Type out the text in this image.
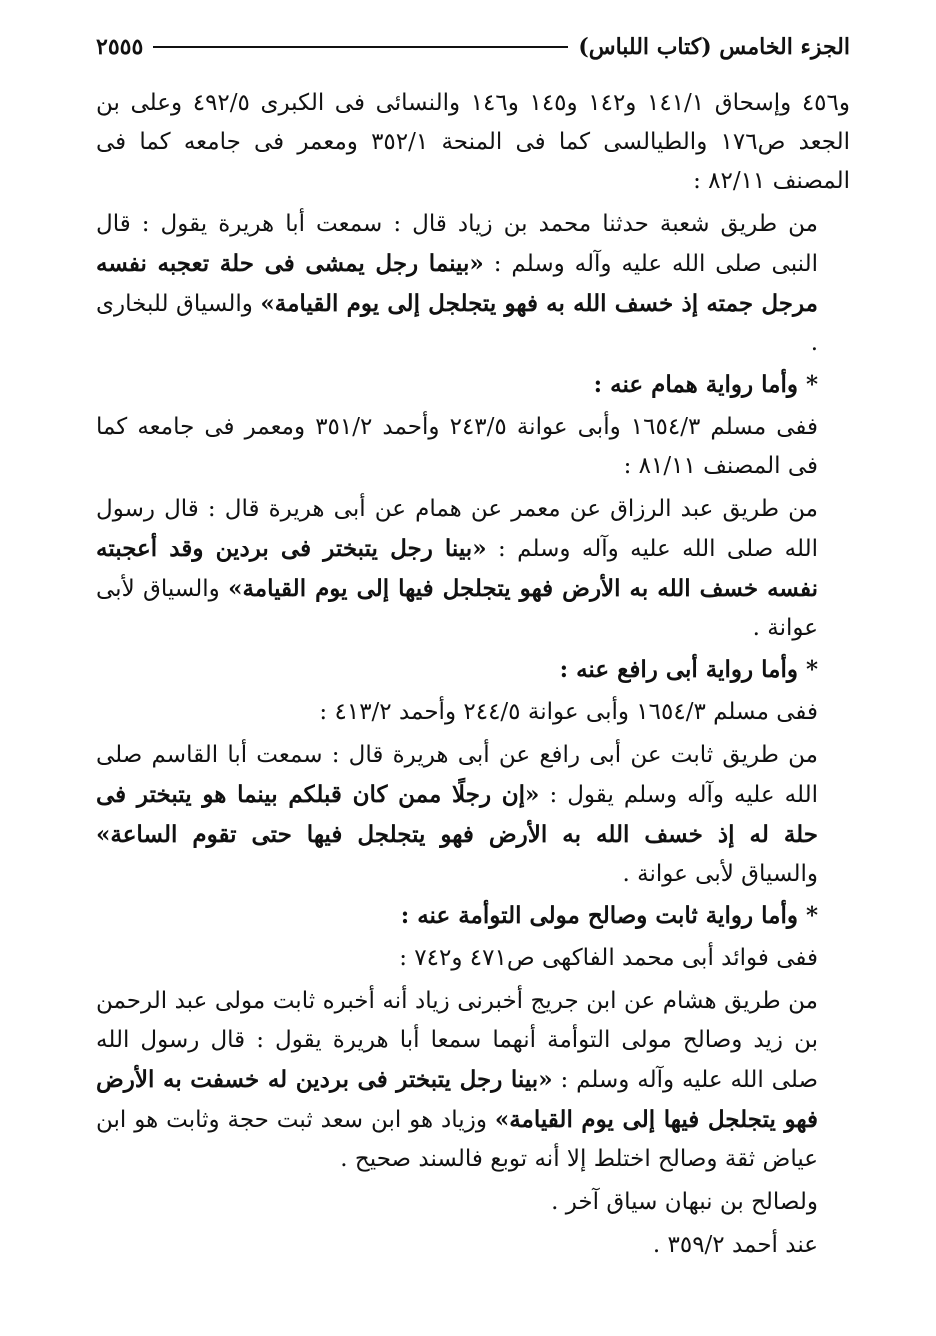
الجزء الخامس (كتاب اللباس)
٢٥٥٥

و٤٥٦ وإسحاق ١٤١/١ و١٤٢ و١٤٥ و١٤٦ والنسائى فى الكبرى ٤٩٢/٥ وعلى بن الجعد ص١٧٦ والطيالسى كما فى المنحة ٣٥٢/١ ومعمر فى جامعه كما فى المصنف ٨٢/١١ :

من طريق شعبة حدثنا محمد بن زياد قال : سمعت أبا هريرة يقول : قال النبى صلى الله عليه وآله وسلم : «بينما رجل يمشى فى حلة تعجبه نفسه مرجل جمته إذ خسف الله به فهو يتجلجل إلى يوم القيامة» والسياق للبخارى .

* وأما رواية همام عنه :

ففى مسلم ١٦٥٤/٣ وأبى عوانة ٢٤٣/٥ وأحمد ٣٥١/٢ ومعمر فى جامعه كما فى المصنف ٨١/١١ :

من طريق عبد الرزاق عن معمر عن همام عن أبى هريرة قال : قال رسول الله صلى الله عليه وآله وسلم : «بينا رجل يتبختر فى بردين وقد أعجبته نفسه خسف الله به الأرض فهو يتجلجل فيها إلى يوم القيامة» والسياق لأبى عوانة .

* وأما رواية أبى رافع عنه :

ففى مسلم ١٦٥٤/٣ وأبى عوانة ٢٤٤/٥ وأحمد ٤١٣/٢ :

من طريق ثابت عن أبى رافع عن أبى هريرة قال : سمعت أبا القاسم صلى الله عليه وآله وسلم يقول : «إن رجلًا ممن كان قبلكم بينما هو يتبختر فى حلة له إذ خسف الله به الأرض فهو يتجلجل فيها حتى تقوم الساعة» والسياق لأبى عوانة .

* وأما رواية ثابت وصالح مولى التوأمة عنه :

ففى فوائد أبى محمد الفاكهى ص٤٧١ و٧٤٢ :

من طريق هشام عن ابن جريج أخبرنى زياد أنه أخبره ثابت مولى عبد الرحمن بن زيد وصالح مولى التوأمة أنهما سمعا أبا هريرة يقول : قال رسول الله صلى الله عليه وآله وسلم : «بينا رجل يتبختر فى بردين له خسفت به الأرض فهو يتجلجل فيها إلى يوم القيامة» وزياد هو ابن سعد ثبت حجة وثابت هو ابن عياض ثقة وصالح اختلط إلا أنه توبع فالسند صحيح .

ولصالح بن نبهان سياق آخر .

عند أحمد ٣٥٩/٢ .
